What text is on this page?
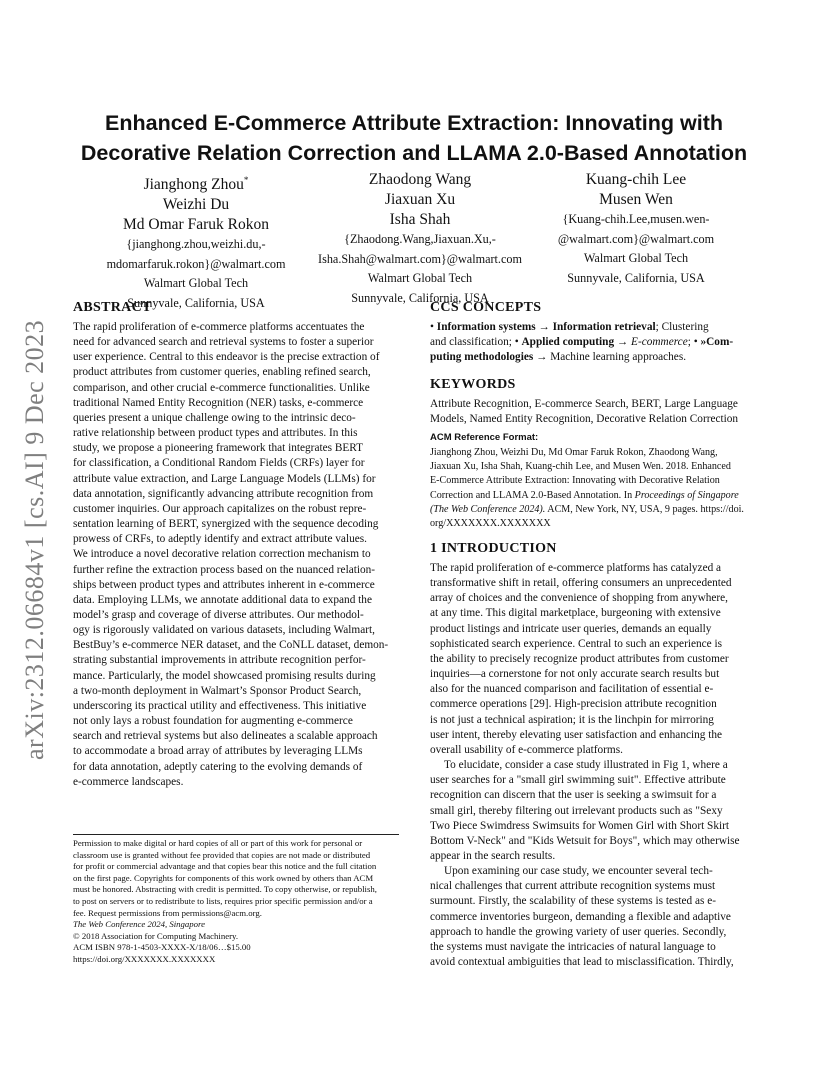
arXiv:2312.06684v1 [cs.AI] 9 Dec 2023
Enhanced E-Commerce Attribute Extraction: Innovating with
Decorative Relation Correction and LLAMA 2.0-Based Annotation
Jianghong Zhou*
Weizhi Du
Md Omar Faruk Rokon
{jianghong.zhou,weizhi.du,-
mdomarfaruk.rokon}@walmart.com
Walmart Global Tech
Sunnyvale, California, USA
Zhaodong Wang
Jiaxuan Xu
Isha Shah
{Zhaodong.Wang,Jiaxuan.Xu,-
Isha.Shah@walmart.com}@walmart.com
Walmart Global Tech
Sunnyvale, California, USA
Kuang-chih Lee
Musen Wen
{Kuang-chih.Lee,musen.wen-
@walmart.com}@walmart.com
Walmart Global Tech
Sunnyvale, California, USA
ABSTRACT
The rapid proliferation of e-commerce platforms accentuates the
need for advanced search and retrieval systems to foster a superior
user experience. Central to this endeavor is the precise extraction of
product attributes from customer queries, enabling refined search,
comparison, and other crucial e-commerce functionalities. Unlike
traditional Named Entity Recognition (NER) tasks, e-commerce
queries present a unique challenge owing to the intrinsic deco-
rative relationship between product types and attributes. In this
study, we propose a pioneering framework that integrates BERT
for classification, a Conditional Random Fields (CRFs) layer for
attribute value extraction, and Large Language Models (LLMs) for
data annotation, significantly advancing attribute recognition from
customer inquiries. Our approach capitalizes on the robust repre-
sentation learning of BERT, synergized with the sequence decoding
prowess of CRFs, to adeptly identify and extract attribute values.
We introduce a novel decorative relation correction mechanism to
further refine the extraction process based on the nuanced relation-
ships between product types and attributes inherent in e-commerce
data. Employing LLMs, we annotate additional data to expand the
model’s grasp and coverage of diverse attributes. Our methodol-
ogy is rigorously validated on various datasets, including Walmart,
BestBuy’s e-commerce NER dataset, and the CoNLL dataset, demon-
strating substantial improvements in attribute recognition perfor-
mance. Particularly, the model showcased promising results during
a two-month deployment in Walmart’s Sponsor Product Search,
underscoring its practical utility and effectiveness. This initiative
not only lays a robust foundation for augmenting e-commerce
search and retrieval systems but also delineates a scalable approach
to accommodate a broad array of attributes by leveraging LLMs
for data annotation, adeptly catering to the evolving demands of
e-commerce landscapes.
CCS CONCEPTS
• Information systems → Information retrieval; Clustering
and classification; • Applied computing → E-commerce; • »Com-
puting methodologies → Machine learning approaches.
KEYWORDS
Attribute Recognition, E-commerce Search, BERT, Large Language
Models, Named Entity Recognition, Decorative Relation Correction
ACM Reference Format:
Jianghong Zhou, Weizhi Du, Md Omar Faruk Rokon, Zhaodong Wang,
Jiaxuan Xu, Isha Shah, Kuang-chih Lee, and Musen Wen. 2018. Enhanced
E-Commerce Attribute Extraction: Innovating with Decorative Relation
Correction and LLAMA 2.0-Based Annotation. In Proceedings of Singapore
(The Web Conference 2024). ACM, New York, NY, USA, 9 pages. https://doi.
org/XXXXXXX.XXXXXXX
1 INTRODUCTION
The rapid proliferation of e-commerce platforms has catalyzed a
transformative shift in retail, offering consumers an unprecedented
array of choices and the convenience of shopping from anywhere,
at any time. This digital marketplace, burgeoning with extensive
product listings and intricate user queries, demands an equally
sophisticated search experience. Central to such an experience is
the ability to precisely recognize product attributes from customer
inquiries—a cornerstone for not only accurate search results but
also for the nuanced comparison and facilitation of essential e-
commerce operations [29]. High-precision attribute recognition
is not just a technical aspiration; it is the linchpin for mirroring
user intent, thereby elevating user satisfaction and enhancing the
overall usability of e-commerce platforms.
To elucidate, consider a case study illustrated in Fig 1, where a
user searches for a "small girl swimming suit". Effective attribute
recognition can discern that the user is seeking a swimsuit for a
small girl, thereby filtering out irrelevant products such as "Sexy
Two Piece Swimdress Swimsuits for Women Girl with Short Skirt
Bottom V-Neck" and "Kids Wetsuit for Boys", which may otherwise
appear in the search results.
Upon examining our case study, we encounter several tech-
nical challenges that current attribute recognition systems must
surmount. Firstly, the scalability of these systems is tested as e-
commerce inventories burgeon, demanding a flexible and adaptive
approach to handle the growing variety of user queries. Secondly,
the systems must navigate the intricacies of natural language to
avoid contextual ambiguities that lead to misclassification. Thirdly,
Permission to make digital or hard copies of all or part of this work for personal or
classroom use is granted without fee provided that copies are not made or distributed
for profit or commercial advantage and that copies bear this notice and the full citation
on the first page. Copyrights for components of this work owned by others than ACM
must be honored. Abstracting with credit is permitted. To copy otherwise, or republish,
to post on servers or to redistribute to lists, requires prior specific permission and/or a
fee. Request permissions from permissions@acm.org.
The Web Conference 2024, Singapore
© 2018 Association for Computing Machinery.
ACM ISBN 978-1-4503-XXXX-X/18/06…$15.00
https://doi.org/XXXXXXX.XXXXXXX
